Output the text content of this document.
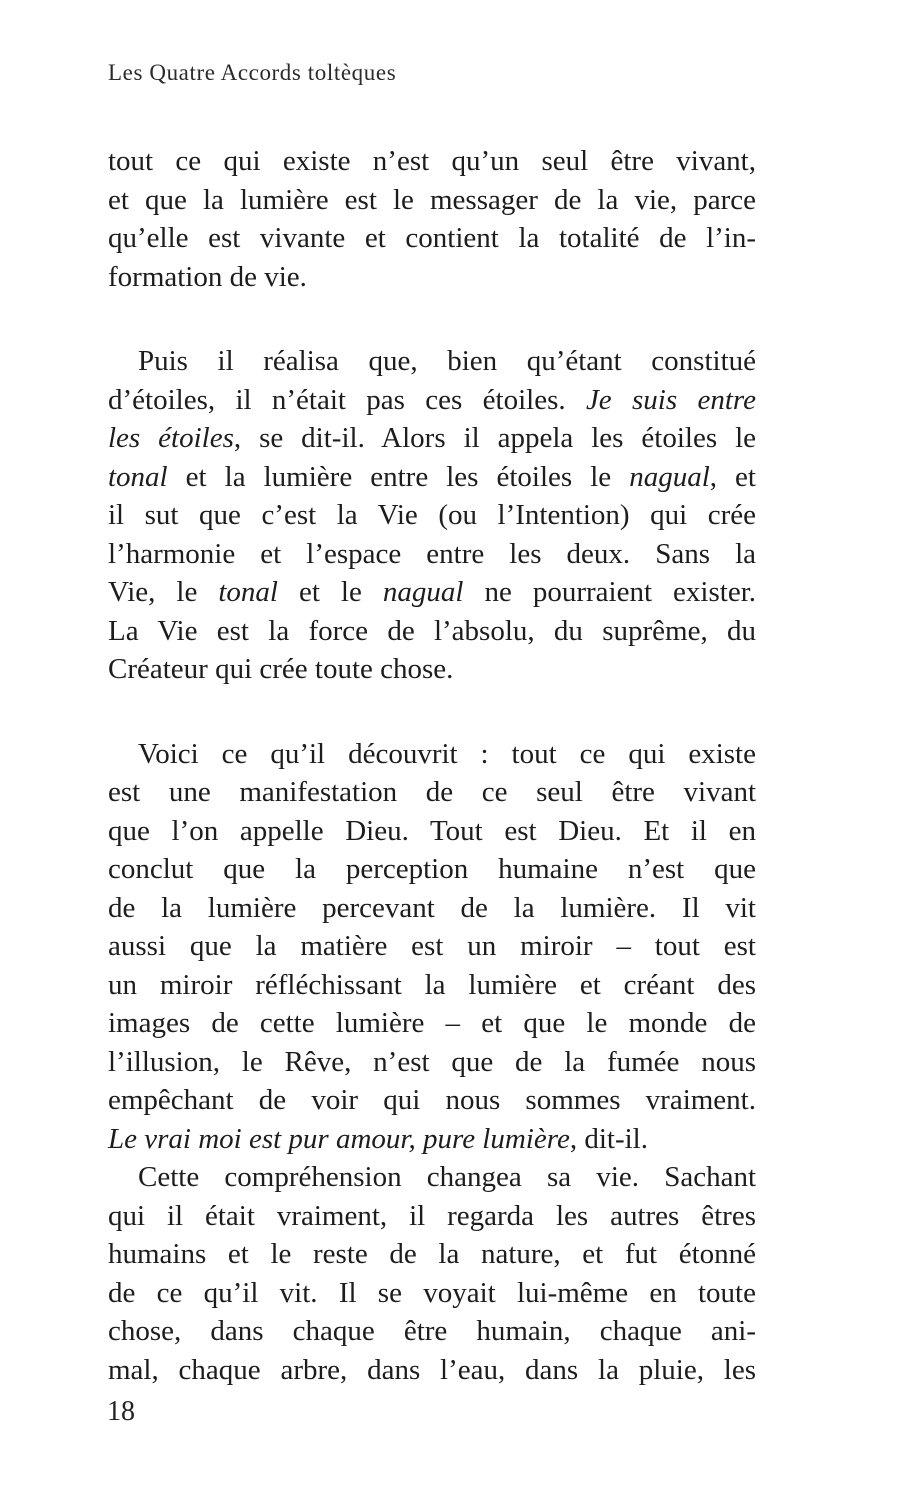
Les Quatre Accords toltèques
tout ce qui existe n’est qu’un seul être vivant,
et que la lumière est le messager de la vie, parce
qu’elle est vivante et contient la totalité de l’in-
formation de vie.
Puis il réalisa que, bien qu’étant constitué
d’étoiles, il n’était pas ces étoiles. Je suis entre
les étoiles, se dit-il. Alors il appela les étoiles le
tonal et la lumière entre les étoiles le nagual, et
il sut que c’est la Vie (ou l’Intention) qui crée
l’harmonie et l’espace entre les deux. Sans la
Vie, le tonal et le nagual ne pourraient exister.
La Vie est la force de l’absolu, du suprême, du
Créateur qui crée toute chose.
Voici ce qu’il découvrit : tout ce qui existe
est une manifestation de ce seul être vivant
que l’on appelle Dieu. Tout est Dieu. Et il en
conclut que la perception humaine n’est que
de la lumière percevant de la lumière. Il vit
aussi que la matière est un miroir – tout est
un miroir réfléchissant la lumière et créant des
images de cette lumière – et que le monde de
l’illusion, le Rêve, n’est que de la fumée nous
empêchant de voir qui nous sommes vraiment.
Le vrai moi est pur amour, pure lumière, dit-il.
Cette compréhension changea sa vie. Sachant
qui il était vraiment, il regarda les autres êtres
humains et le reste de la nature, et fut étonné
de ce qu’il vit. Il se voyait lui-même en toute
chose, dans chaque être humain, chaque ani-
mal, chaque arbre, dans l’eau, dans la pluie, les
18
